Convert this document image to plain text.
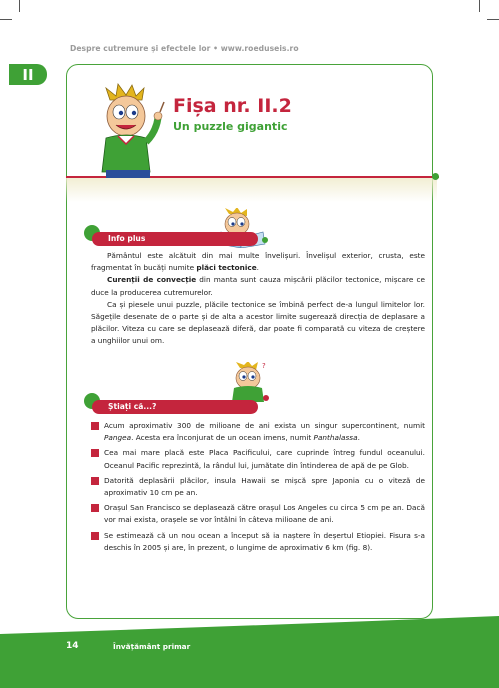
Despre cutremure și efectele lor • www.roeduseis.ro
II
Fișa nr. II.2
Un puzzle gigantic
Info plus

Pământul este alcătuit din mai multe învelișuri. Învelișul exterior, crusta, este fragmentat în bucăți numite plăci tectonice.

Curenții de convecție din manta sunt cauza mișcării plăcilor tectonice, mișcare ce duce la producerea cutremurelor.

Ca și piesele unui puzzle, plăcile tectonice se îmbină perfect de-a lungul limitelor lor. Săgețile desenate de o parte și de alta a acestor limite sugerează direcția de deplasare a plăcilor. Viteza cu care se deplasează diferă, dar poate fi comparată cu viteza de creștere a unghiilor unui om.

?
Știați că...?
Acum aproximativ 300 de milioane de ani exista un singur supercontinent, numit Pangea. Acesta era înconjurat de un ocean imens, numit Panthalassa.
Cea mai mare placă este Placa Pacificului, care cuprinde întreg fundul oceanului. Oceanul Pacific reprezintă, la rândul lui, jumătate din întinderea de apă de pe Glob.
Datorită deplasării plăcilor, insula Hawaii se mișcă spre Japonia cu o viteză de aproximativ 10 cm pe an.
Orașul San Francisco se deplasează către orașul Los Angeles cu circa 5 cm pe an. Dacă vor mai exista, orașele se vor întâlni în câteva milioane de ani.
Se estimează că un nou ocean a început să ia naștere în deșertul Etiopiei. Fisura s-a deschis în 2005 și are, în prezent, o lungime de aproximativ 6 km (fig. 8).
14	Învățământ primar
